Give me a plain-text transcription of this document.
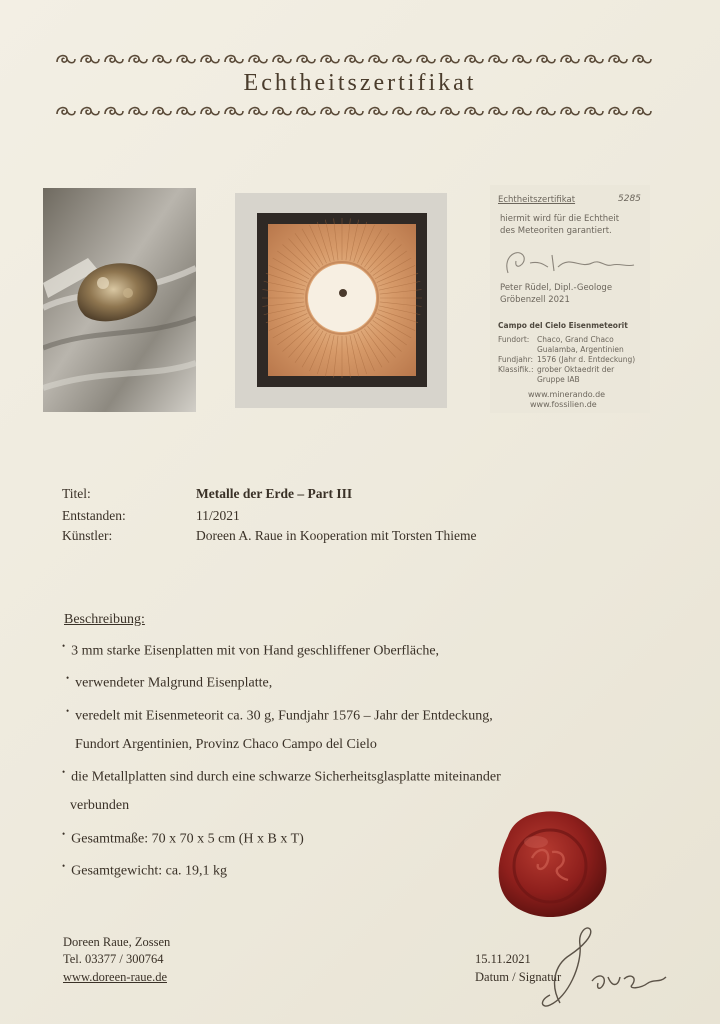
Echtheitszertifikat
Echtheitszertifikat	5285
hiermit wird für die Echtheit
des Meteoriten garantiert.
Peter Rüdel, Dipl.-Geologe
Gröbenzell 2021
Campo del Cielo Eisenmeteorit
Fundort: Chaco, Grand Chaco
Gualamba, Argentinien
Fundjahr: 1576 (Jahr d. Entdeckung)
Klassifik.: grober Oktaedrit der
Gruppe IAB
www.minerando.de
www.fossilien.de
Titel:	Metalle der Erde – Part III
Entstanden:	11/2021
Künstler:	Doreen A. Raue in Kooperation mit Torsten Thieme
Beschreibung:
• 3 mm starke Eisenplatten mit von Hand geschliffener Oberfläche,
• verwendeter Malgrund Eisenplatte,
• veredelt mit Eisenmeteorit ca. 30 g, Fundjahr 1576 – Jahr der Entdeckung,
Fundort Argentinien, Provinz Chaco Campo del Cielo
• die Metallplatten sind durch eine schwarze Sicherheitsglasplatte miteinander
verbunden
• Gesamtmaße: 70 x 70 x 5 cm (H x B x T)
• Gesamtgewicht: ca. 19,1 kg
Doreen Raue, Zossen
Tel. 03377 / 300764
www.doreen-raue.de
15.11.2021
Datum / Signatur
